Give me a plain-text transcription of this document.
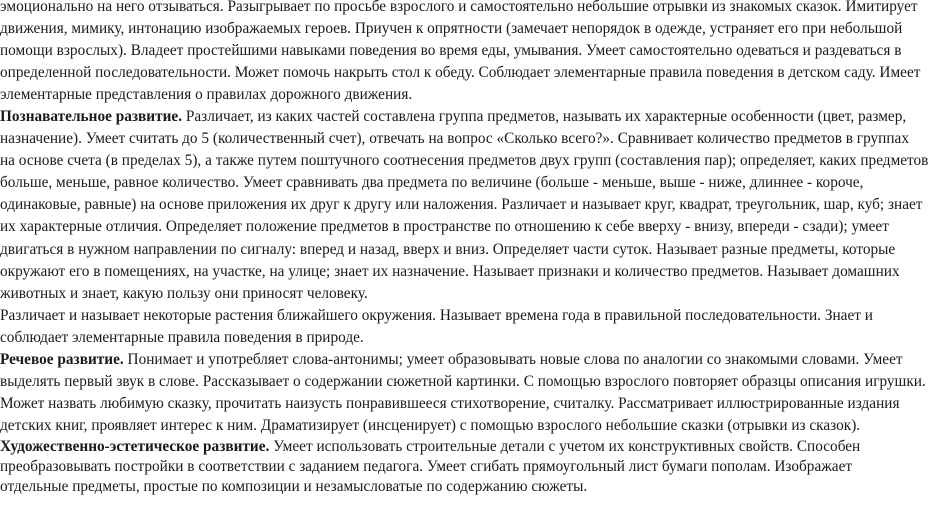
эмоционально на него отзываться. Разыгрывает по просьбе взрослого и самостоятельно небольшие отрывки из знакомых сказок. Имитирует
движения, мимику, интонацию изображаемых героев. Приучен к опрятности (замечает непорядок в одежде, устраняет его при небольшой
помощи взрослых). Владеет простейшими навыками поведения во время еды, умывания. Умеет самостоятельно одеваться и раздеваться в
определенной последовательности. Может помочь накрыть стол к обеду. Соблюдает элементарные правила поведения в детском саду. Имеет
элементарные представления о правилах дорожного движения.
Познавательное развитие. Различает, из каких частей составлена группа предметов, называть их характерные особенности (цвет, размер,
назначение). Умеет считать до 5 (количественный счет), отвечать на вопрос «Сколько всего?». Сравнивает количество предметов в группах
на основе счета (в пределах 5), а также путем поштучного соотнесения предметов двух групп (составления пар); определяет, каких предметов
больше, меньше, равное количество. Умеет сравнивать два предмета по величине (больше - меньше, выше - ниже, длиннее - короче,
одинаковые, равные) на основе приложения их друг к другу или наложения. Различает и называет круг, квадрат, треугольник, шар, куб; знает
их характерные отличия. Определяет положение предметов в пространстве по отношению к себе вверху - внизу, впереди - сзади); умеет
двигаться в нужном направлении по сигналу: вперед и назад, вверх и вниз. Определяет части суток. Называет разные предметы, которые
окружают его в помещениях, на участке, на улице; знает их назначение. Называет признаки и количество предметов. Называет домашних
животных и знает, какую пользу они приносят человеку.
Различает и называет некоторые растения ближайшего окружения. Называет времена года в правильной последовательности. Знает и
соблюдает элементарные правила поведения в природе.
Речевое развитие. Понимает и употребляет слова-антонимы; умеет образовывать новые слова по аналогии со знакомыми словами. Умеет
выделять первый звук в слове. Рассказывает о содержании сюжетной картинки. С помощью взрослого повторяет образцы описания игрушки.
Может назвать любимую сказку, прочитать наизусть понравившееся стихотворение, считалку. Рассматривает иллюстрированные издания
детских книг, проявляет интерес к ним. Драматизирует (инсценирует) с помощью взрослого небольшие сказки (отрывки из сказок).
Художественно-эстетическое развитие. Умеет использовать строительные детали с учетом их конструктивных свойств. Способен
преобразовывать постройки в соответствии с заданием педагога. Умеет сгибать прямоугольный лист бумаги пополам. Изображает
отдельные предметы, простые по композиции и незамысловатые по содержанию сюжеты.
